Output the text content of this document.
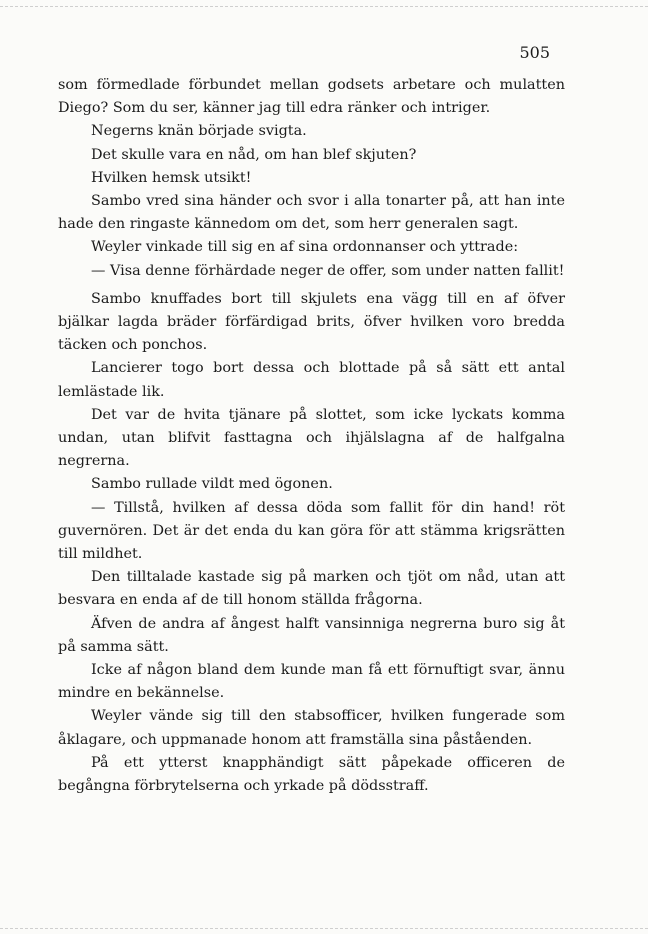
505

som förmedlade förbundet mellan godsets arbetare och mulatten Diego? Som du ser, känner jag till edra ränker och intriger.

Negerns knän började svigta.

Det skulle vara en nåd, om han blef skjuten?

Hvilken hemsk utsikt!

Sambo vred sina händer och svor i alla tonarter på, att han inte hade den ringaste kännedom om det, som herr generalen sagt.

Weyler vinkade till sig en af sina ordonnanser och yttrade:

— Visa denne förhärdade neger de offer, som under natten fallit!

Sambo knuffades bort till skjulets ena vägg till en af öfver bjälkar lagda bräder förfärdigad brits, öfver hvilken voro bredda täcken och ponchos.

Lancierer togo bort dessa och blottade på så sätt ett antal lemlästade lik.

Det var de hvita tjänare på slottet, som icke lyckats komma undan, utan blifvit fasttagna och ihjälslagna af de halfgalna negrerna.

Sambo rullade vildt med ögonen.

— Tillstå, hvilken af dessa döda som fallit för din hand! röt guvernören. Det är det enda du kan göra för att stämma krigsrätten till mildhet.

Den tilltalade kastade sig på marken och tjöt om nåd, utan att besvara en enda af de till honom ställda frågorna.

Äfven de andra af ångest halft vansinniga negrerna buro sig åt på samma sätt.

Icke af någon bland dem kunde man få ett förnuftigt svar, ännu mindre en bekännelse.

Weyler vände sig till den stabsofficer, hvilken fungerade som åklagare, och uppmanade honom att framställa sina påståenden.

På ett ytterst knapphändigt sätt påpekade officeren de begångna förbrytelserna och yrkade på dödsstraff.
